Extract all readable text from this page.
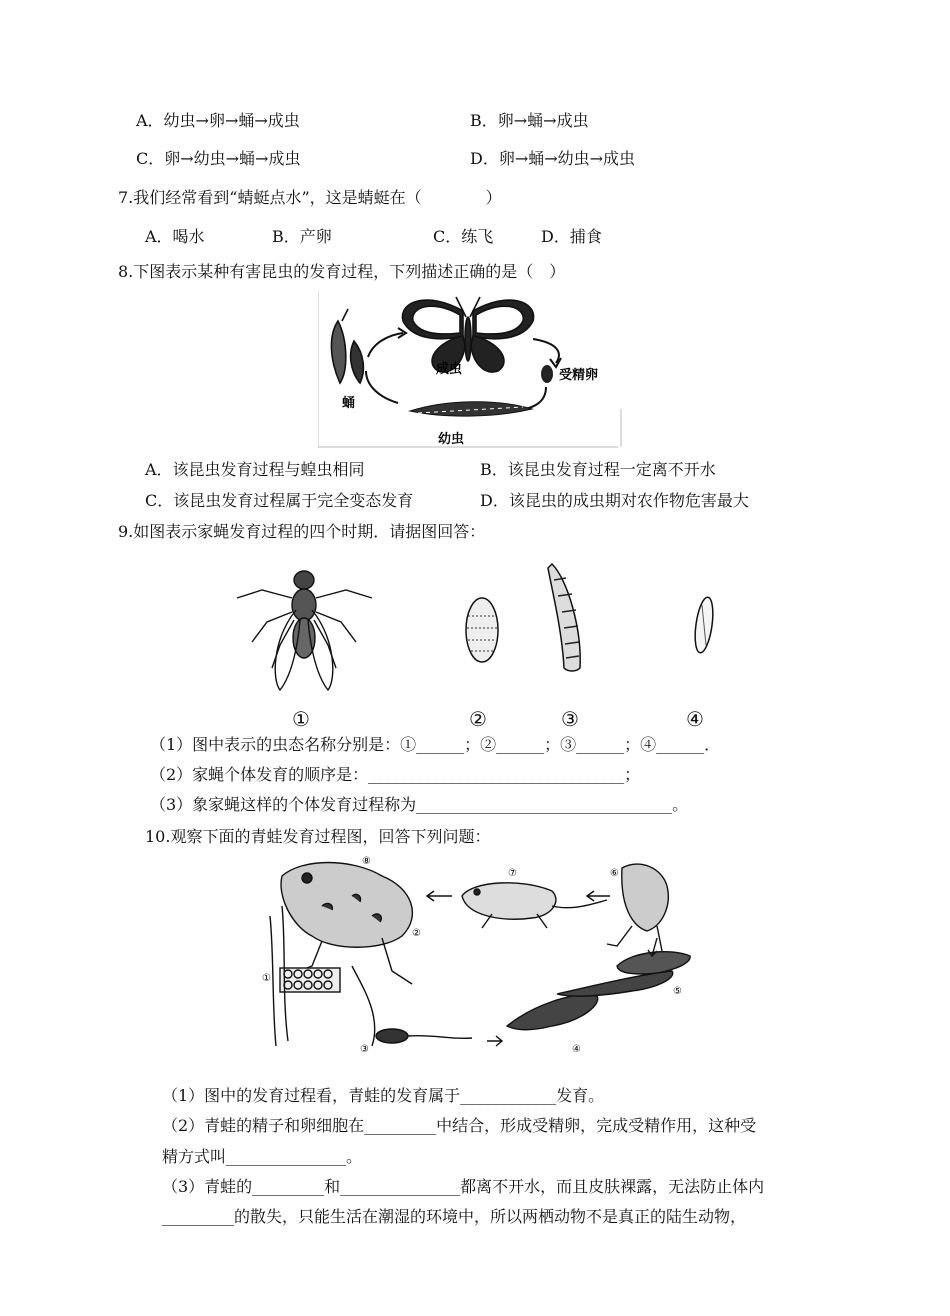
A．幼虫→卵→蛹→成虫	B．卵→蛹→成虫
C．卵→幼虫→蛹→成虫	D．卵→蛹→幼虫→成虫
7.我们经常看到“蜻蜓点水”，这是蜻蜓在（　　　　）
A．喝水	B．产卵	C．练飞	D．捕食
8.下图表示某种有害昆虫的发育过程，下列描述正确的是（　）
成虫	受精卵
幼虫
蛹
A．该昆虫发育过程与蝗虫相同	B．该昆虫发育过程一定离不开水
C．该昆虫发育过程属于完全变态发育	D．该昆虫的成虫期对农作物危害最大
9.如图表示家蝇发育过程的四个时期．请据图回答：
①	②	③	④
（1）图中表示的虫态名称分别是：①______；②______；③______；④______．
（2）家蝇个体发育的顺序是：________________________________；
（3）象家蝇这样的个体发育过程称为________________________________。
10.观察下面的青蛙发育过程图，回答下列问题：
⑧
⑦	⑥
①
②
③	④
⑤
（1）图中的发育过程看，青蛙的发育属于____________发育。
（2）青蛙的精子和卵细胞在_________中结合，形成受精卵，完成受精作用，这种受
精方式叫_______________。
（3）青蛙的_________和_______________都离不开水，而且皮肤裸露，无法防止体内
_________的散失，只能生活在潮湿的环境中，所以两栖动物不是真正的陆生动物，
